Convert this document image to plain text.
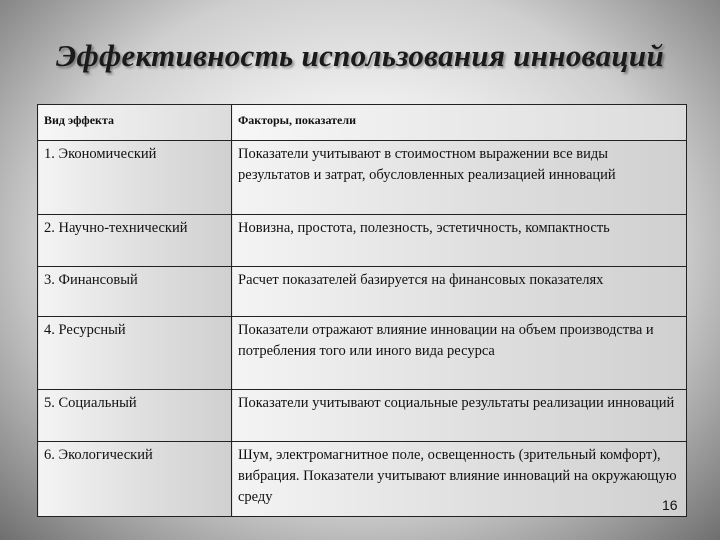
Эффективность использования инноваций
Вид эффекта	Факторы, показатели
1. Экономический	Показатели учитывают в стоимостном выражении все виды результатов и затрат, обусловленных реализацией инноваций
2. Научно-технический	Новизна, простота, полезность, эстетичность, компактность
3. Финансовый	Расчет показателей базируется на финансовых показателях
4. Ресурсный	Показатели отражают влияние инновации на объем производства и потребления того или иного вида ресурса
5. Социальный	Показатели учитывают социальные результаты реализации инноваций
6. Экологический	Шум, электромагнитное поле, освещенность (зрительный комфорт), вибрация. Показатели учитывают влияние инноваций на окружающую среду	16
